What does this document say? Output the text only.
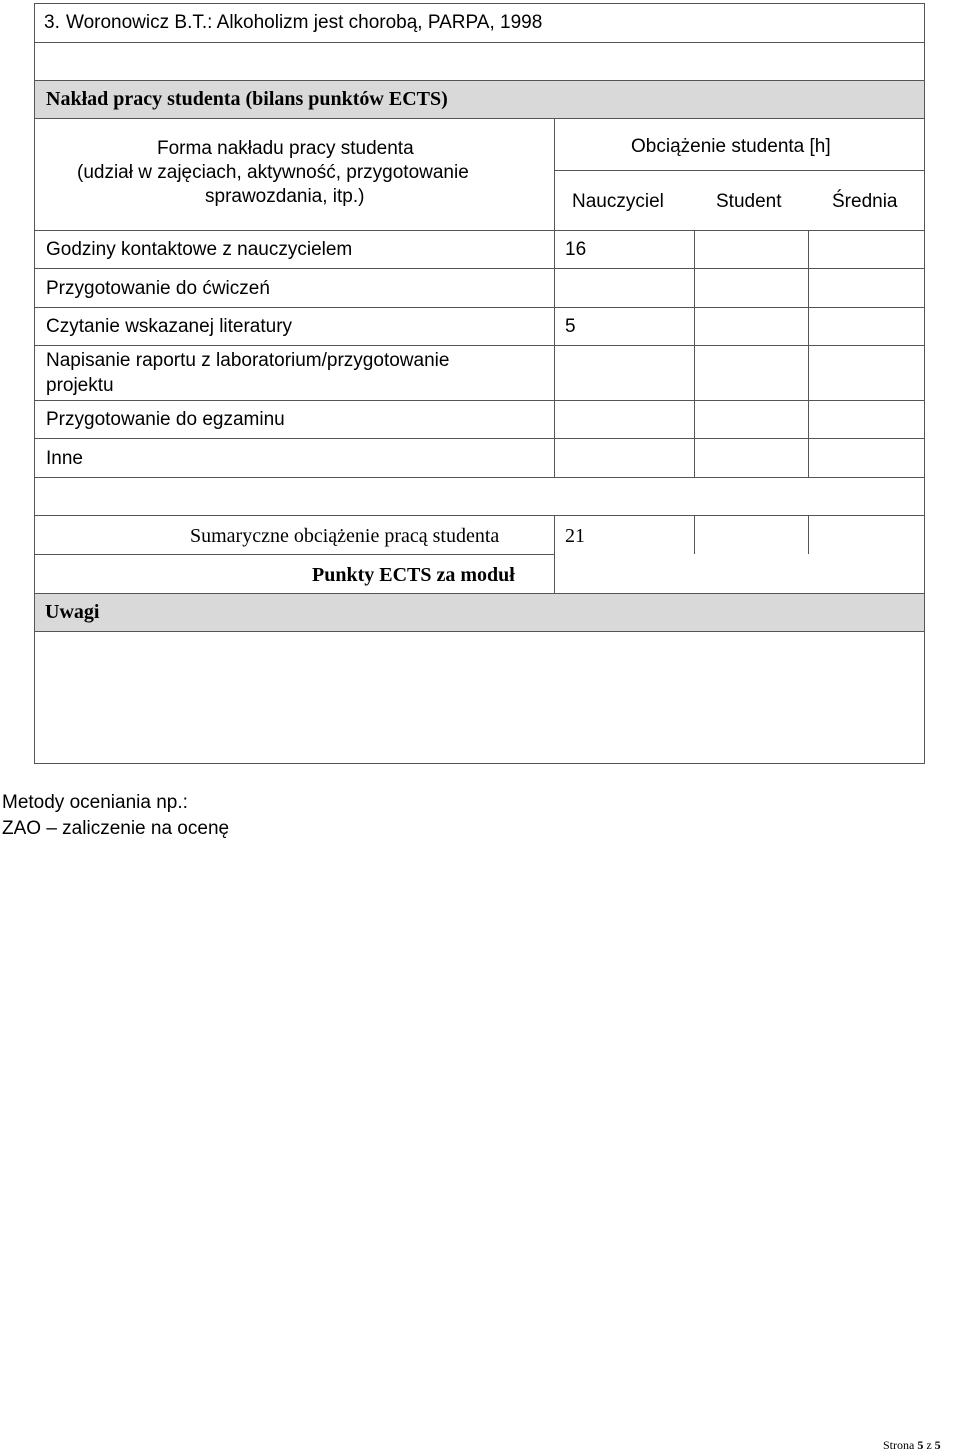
3. Woronowicz B.T.: Alkoholizm jest chorobą, PARPA, 1998
Nakład pracy studenta (bilans punktów ECTS)
Forma nakładu pracy studenta
(udział w zajęciach, aktywność, przygotowanie
sprawozdania, itp.)
Obciążenie studenta [h]
Nauczyciel	Student	Średnia
Godziny kontaktowe z nauczycielem	16
Przygotowanie do ćwiczeń
Czytanie wskazanej literatury	5
Napisanie raportu z laboratorium/przygotowanie
projektu
Przygotowanie do egzaminu
Inne
Sumaryczne obciążenie pracą studenta	21
Punkty ECTS za moduł
Uwagi
Metody oceniania np.:
ZAO – zaliczenie na ocenę
Strona 5 z 5
